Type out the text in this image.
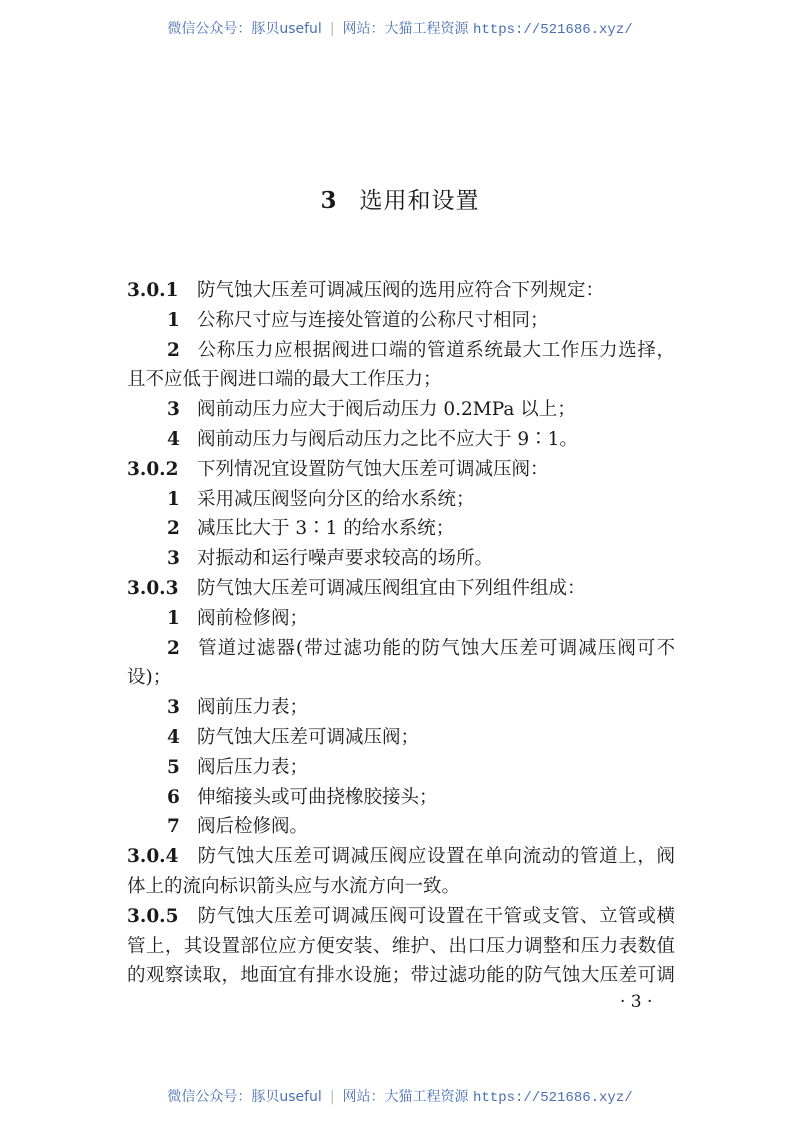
微信公众号：豚贝useful | 网站：大猫工程资源 https://521686.xyz/
3 选用和设置
3.0.1 防气蚀大压差可调减压阀的选用应符合下列规定：
1 公称尺寸应与连接处管道的公称尺寸相同；
2 公称压力应根据阀进口端的管道系统最大工作压力选择，
且不应低于阀进口端的最大工作压力；
3 阀前动压力应大于阀后动压力 0.2MPa 以上；
4 阀前动压力与阀后动压力之比不应大于 9∶1。
3.0.2 下列情况宜设置防气蚀大压差可调减压阀：
1 采用减压阀竖向分区的给水系统；
2 减压比大于 3∶1 的给水系统；
3 对振动和运行噪声要求较高的场所。
3.0.3 防气蚀大压差可调减压阀组宜由下列组件组成：
1 阀前检修阀；
2 管道过滤器(带过滤功能的防气蚀大压差可调减压阀可不
设)；
3 阀前压力表；
4 防气蚀大压差可调减压阀；
5 阀后压力表；
6 伸缩接头或可曲挠橡胶接头；
7 阀后检修阀。
3.0.4 防气蚀大压差可调减压阀应设置在单向流动的管道上，阀
体上的流向标识箭头应与水流方向一致。
3.0.5 防气蚀大压差可调减压阀可设置在干管或支管、立管或横
管上，其设置部位应方便安装、维护、出口压力调整和压力表数值
的观察读取，地面宜有排水设施；带过滤功能的防气蚀大压差可调
· 3 ·
微信公众号：豚贝useful | 网站：大猫工程资源 https://521686.xyz/
